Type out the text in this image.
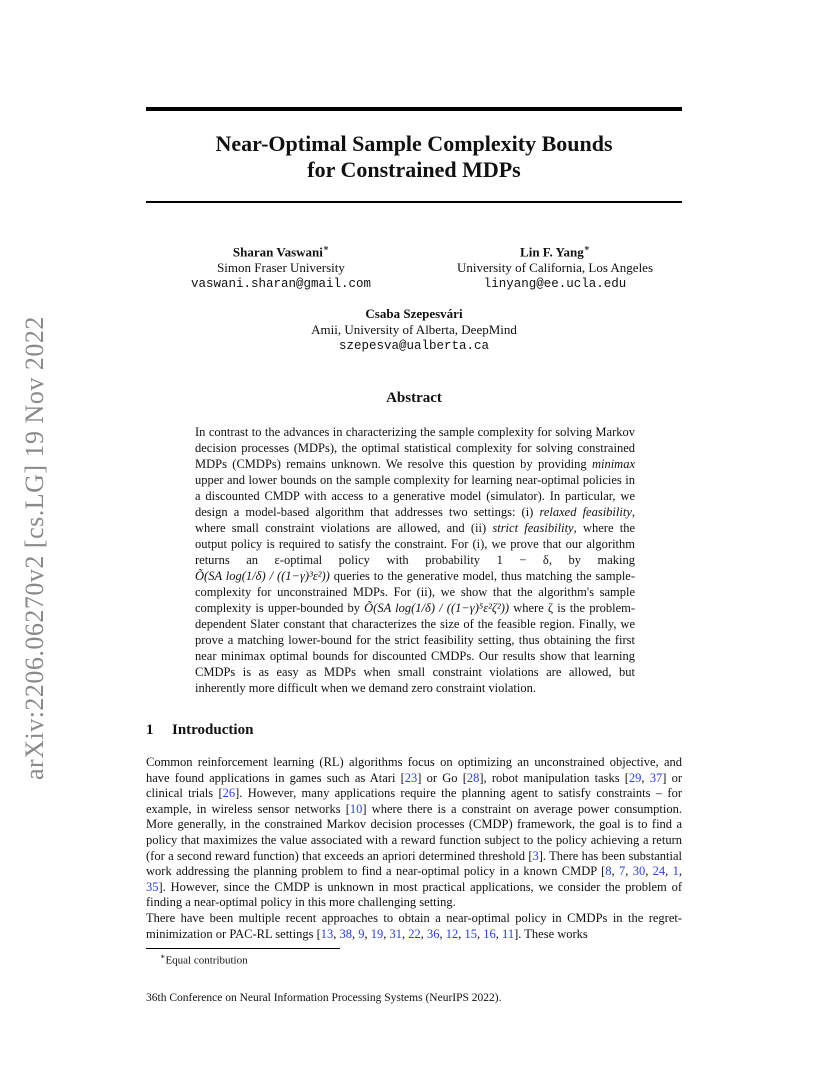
arXiv:2206.06270v2 [cs.LG] 19 Nov 2022
Near-Optimal Sample Complexity Bounds
for Constrained MDPs
Sharan Vaswani∗
Simon Fraser University
vaswani.sharan@gmail.com
Lin F. Yang∗
University of California, Los Angeles
linyang@ee.ucla.edu
Csaba Szepesvári
Amii, University of Alberta, DeepMind
szepesva@ualberta.ca
Abstract

In contrast to the advances in characterizing the sample complexity for solving Markov decision processes (MDPs), the optimal statistical complexity for solving constrained MDPs (CMDPs) remains unknown. We resolve this question by providing minimax upper and lower bounds on the sample complexity for learning near-optimal policies in a discounted CMDP with access to a generative model (simulator). In particular, we design a model-based algorithm that addresses two settings: (i) relaxed feasibility, where small constraint violations are allowed, and (ii) strict feasibility, where the output policy is required to satisfy the constraint. For (i), we prove that our algorithm returns an ε-optimal policy with probability 1 − δ, by making Õ(SA log(1/δ) / ((1−γ)³ε²)) queries to the generative model, thus matching the sample-complexity for unconstrained MDPs. For (ii), we show that the algorithm's sample complexity is upper-bounded by Õ(SA log(1/δ) / ((1−γ)⁵ε²ζ²)) where ζ is the problem-dependent Slater constant that characterizes the size of the feasible region. Finally, we prove a matching lower-bound for the strict feasibility setting, thus obtaining the first near minimax optimal bounds for discounted CMDPs. Our results show that learning CMDPs is as easy as MDPs when small constraint violations are allowed, but inherently more difficult when we demand zero constraint violation.

1 Introduction

Common reinforcement learning (RL) algorithms focus on optimizing an unconstrained objective, and have found applications in games such as Atari [23] or Go [28], robot manipulation tasks [29, 37] or clinical trials [26]. However, many applications require the planning agent to satisfy constraints – for example, in wireless sensor networks [10] where there is a constraint on average power consumption. More generally, in the constrained Markov decision processes (CMDP) framework, the goal is to find a policy that maximizes the value associated with a reward function subject to the policy achieving a return (for a second reward function) that exceeds an apriori determined threshold [3]. There has been substantial work addressing the planning problem to find a near-optimal policy in a known CMDP [8, 7, 30, 24, 1, 35]. However, since the CMDP is unknown in most practical applications, we consider the problem of finding a near-optimal policy in this more challenging setting.

There have been multiple recent approaches to obtain a near-optimal policy in CMDPs in the regret-minimization or PAC-RL settings [13, 38, 9, 19, 31, 22, 36, 12, 15, 16, 11]. These works

∗Equal contribution
36th Conference on Neural Information Processing Systems (NeurIPS 2022).
